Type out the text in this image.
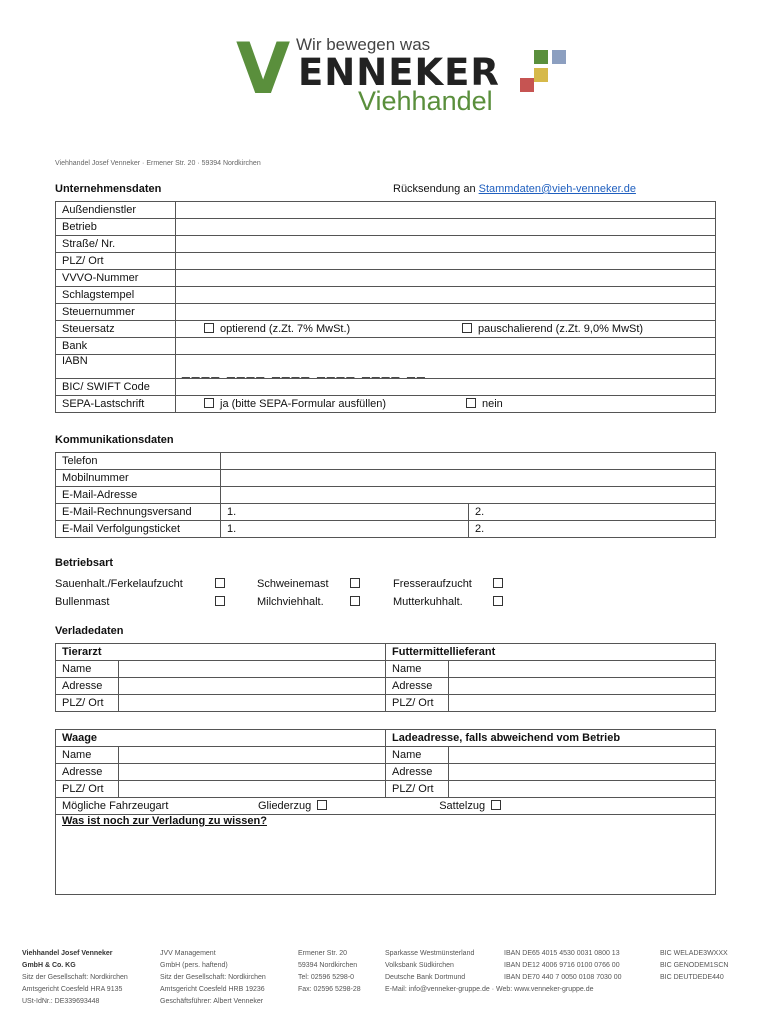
V Wir bewegen was
ENNEKER
Viehhandel
Viehhandel Josef Venneker · Ermener Str. 20 · 59394 Nordkirchen
Unternehmensdaten	Rücksendung an Stammdaten@vieh-venneker.de
Außendienstler	
Betrieb	
Straße/ Nr.	
PLZ/ Ort	
VVVO-Nummer	
Schlagstempel	
Steuernummer	
Steuersatz	optierend (z.Zt. 7% MwSt.) pauschalierend (z.Zt. 9,0% MwSt)
Bank	
IABN	____ ____ ____ ____ ____ __
BIC/ SWIFT Code	
SEPA-Lastschrift	ja (bitte SEPA-Formular ausfüllen) nein
Kommunikationsdaten
Telefon		
Mobilnummer		
E-Mail-Adresse		
E-Mail-Rechnungsversand	1.	2.
E-Mail Verfolgungsticket	1.	2.
Betriebsart
Sauenhalt./Ferkelaufzucht
Bullenmast
Schweinemast
Milchviehhalt.
Fresseraufzucht
Mutterkuhhalt.
Verladedaten
Tierarzt		Futtermittellieferant	
Name		Name	
Adresse		Adresse	
PLZ/ Ort		PLZ/ Ort	
Waage		Ladeadresse, falls abweichend vom Betrieb	
Name		Name	
Adresse		Adresse	
PLZ/ Ort		PLZ/ Ort	
Mögliche Fahrzeugart Gliederzug Sattelzug			
Was ist noch zur Verladung zu wissen?			
Viehhandel Josef Venneker
GmbH & Co. KG
Sitz der Gesellschaft: Nordkirchen
Amtsgericht Coesfeld HRA 9135
USt-IdNr.: DE339693448
JVV Management
GmbH (pers. haftend)
Sitz der Gesellschaft: Nordkirchen
Amtsgericht Coesfeld HRB 19236
Geschäftsführer: Albert Venneker
Ermener Str. 20
59394 Nordkirchen
Tel: 02596 5298-0
Fax: 02596 5298-28
Sparkasse Westmünsterland
Volksbank Südkirchen
Deutsche Bank Dortmund
E-Mail: info@venneker-gruppe.de · Web: www.venneker-gruppe.de
IBAN DE65 4015 4530 0031 0800 13
IBAN DE12 4006 9716 0100 0766 00
IBAN DE70 440 7 0050 0108 7030 00
BIC WELADE3WXXX
BIC GENODEM1SCN
BIC DEUTDEDE440
